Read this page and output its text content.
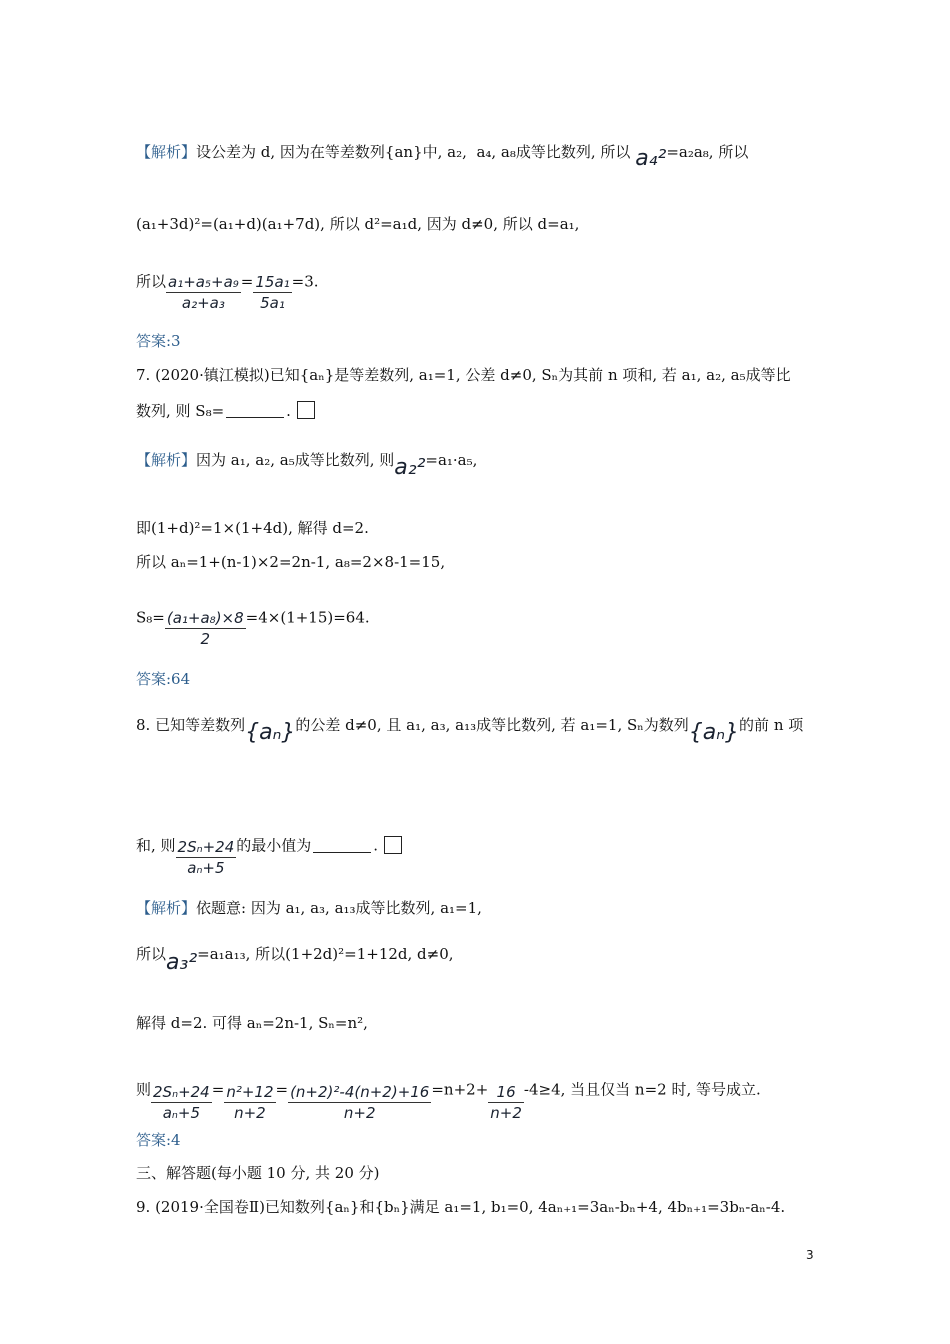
【解析】设公差为 d, 因为在等差数列{an}中, a₂,  a₄, a₈成等比数列, 所以 a₄²=a₂a₈, 所以
(a₁+3d)²=(a₁+d)(a₁+7d), 所以 d²=a₁d, 因为 d≠0, 所以 d=a₁,
所以 $\frac{\text{a₁+a₅+a₉}}{\text{a₂+a₃}} = \frac{\text{15a₁}}{\text{5a₁}} =3$.
答案:3
7. (2020·镇江模拟)已知{aₙ}是等差数列, a₁=1, 公差 d≠0, Sₙ为其前 n 项和, 若 a₁, a₂, a₅成等比
数列, 则 S₈=	.
【解析】因为 a₁, a₂, a₅成等比数列, 则a₂²=a₁·a₅,
即(1+d)²=1×(1+4d), 解得 d=2.
所以 aₙ=1+(n-1)×2=2n-1, a₈=2×8-1=15,
$S_8= \frac{\text{(a₁+a₈)×8}}{2} =4\times(1+15)=64$.
答案:64
8. 已知等差数列{aₙ}的公差 d≠0, 且 a₁, a₃, a₁₃成等比数列, 若 a₁=1, Sₙ为数列{aₙ}的前 n 项
和, 则 $\frac{\text{2Sₙ+24}}{\text{aₙ+5}}$ 的最小值为	.
【解析】依题意: 因为 a₁, a₃, a₁₃成等比数列, a₁=1,
所以a₃²=a₁a₁₃, 所以(1+2d)²=1+12d, d≠0,
解得 d=2. 可得 aₙ=2n-1, Sₙ=n²,
则 $\frac{\text{2Sₙ+24}}{\text{aₙ+5}} = \frac{\text{n²+12}}{n+2} = \frac{\text{(n+2)²-4(n+2)+16}}{n+2} =n+2+ \frac{16}{n+2} -4\ge 4$, 当且仅当 n=2 时, 等号成立.
答案:4
三、解答题(每小题 10 分, 共 20 分)
9. (2019·全国卷Ⅱ)已知数列{aₙ}和{bₙ}满足 a₁=1, b₁=0, 4aₙ₊₁=3aₙ-bₙ+4, 4bₙ₊₁=3bₙ-aₙ-4.
3
